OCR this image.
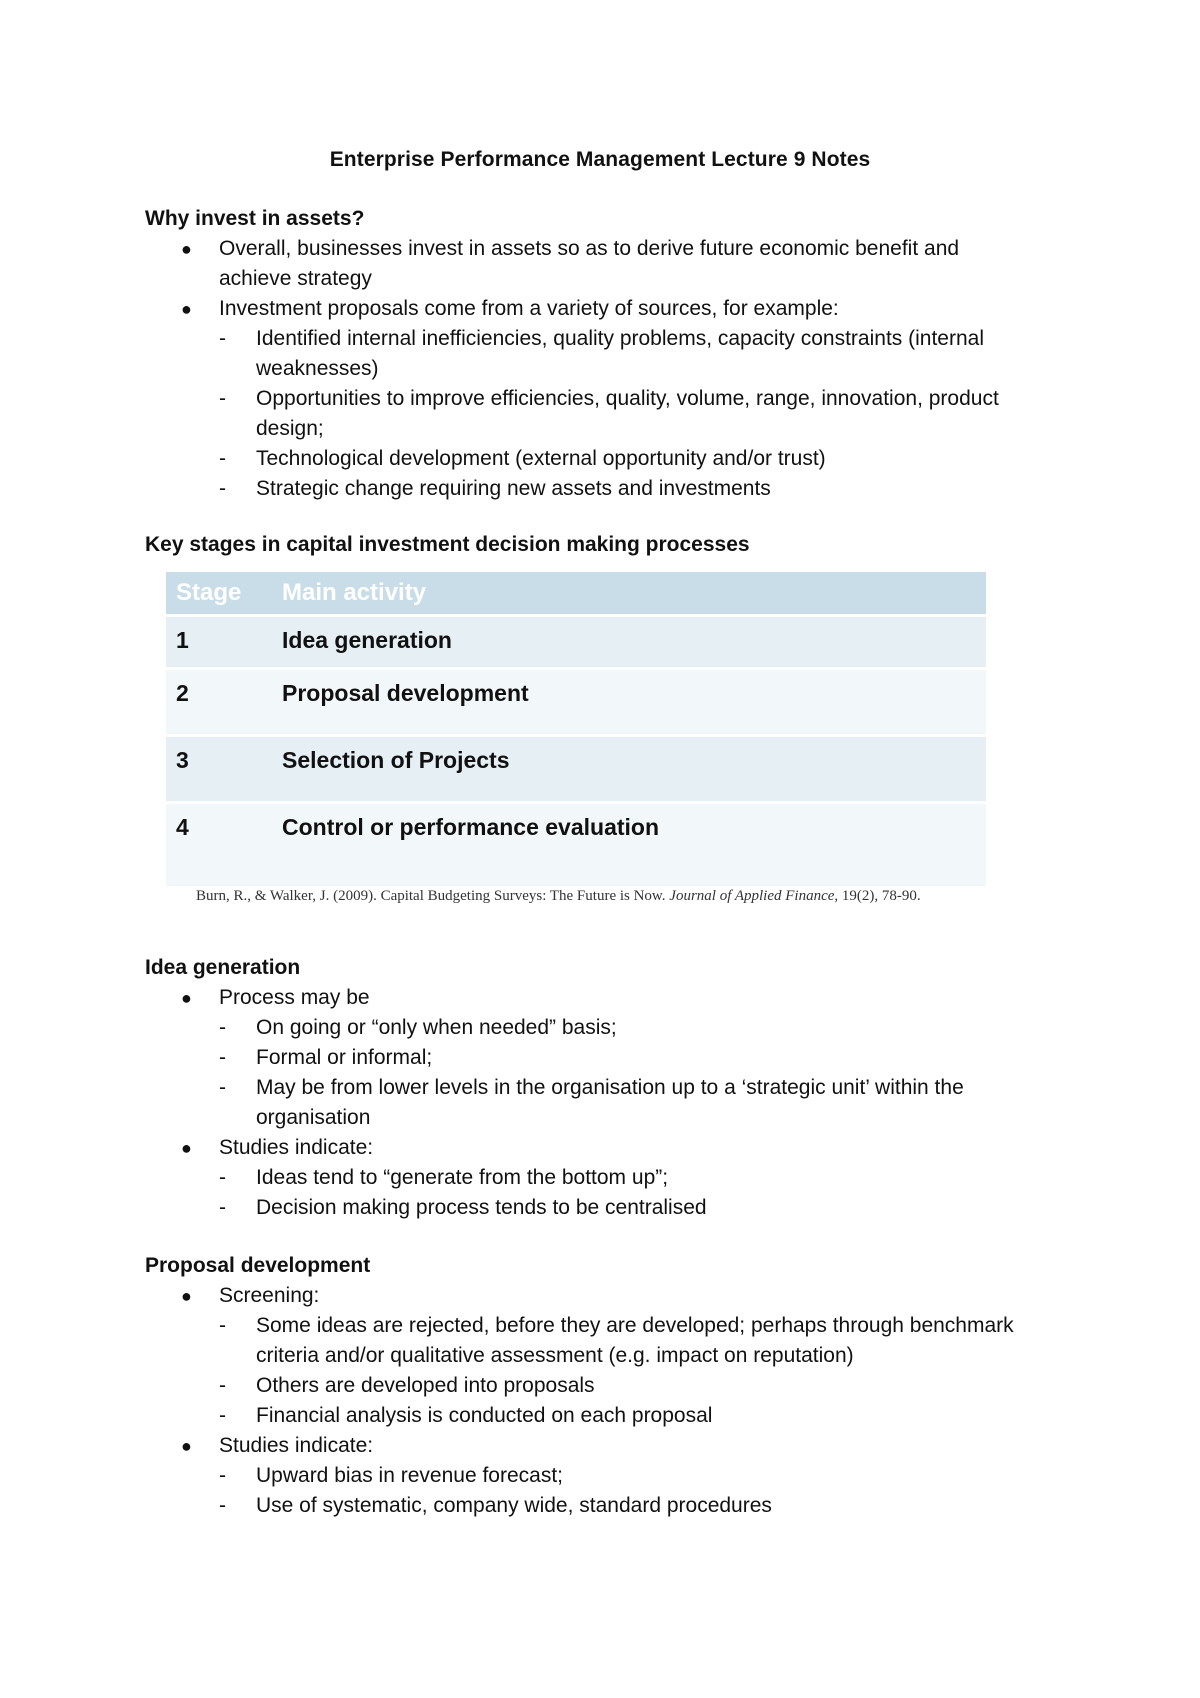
Enterprise Performance Management Lecture 9 Notes

Why invest in assets?

● Overall, businesses invest in assets so as to derive future economic benefit and
achieve strategy
● Investment proposals come from a variety of sources, for example:
- Identified internal inefficiencies, quality problems, capacity constraints (internal
weaknesses)
- Opportunities to improve efficiencies, quality, volume, range, innovation, product
design;
- Technological development (external opportunity and/or trust)
- Strategic change requiring new assets and investments

Key stages in capital investment decision making processes

Stage	Main activity
1	Idea generation
2	Proposal development
3	Selection of Projects
4	Control or performance evaluation
Burn, R., & Walker, J. (2009). Capital Budgeting Surveys: The Future is Now. Journal of Applied Finance, 19(2), 78-90.

Idea generation

● Process may be
- On going or “only when needed” basis;
- Formal or informal;
- May be from lower levels in the organisation up to a ‘strategic unit’ within the
organisation
● Studies indicate:
- Ideas tend to “generate from the bottom up”;
- Decision making process tends to be centralised

Proposal development

● Screening:
- Some ideas are rejected, before they are developed; perhaps through benchmark
criteria and/or qualitative assessment (e.g. impact on reputation)
- Others are developed into proposals
- Financial analysis is conducted on each proposal
● Studies indicate:
- Upward bias in revenue forecast;
- Use of systematic, company wide, standard procedures
